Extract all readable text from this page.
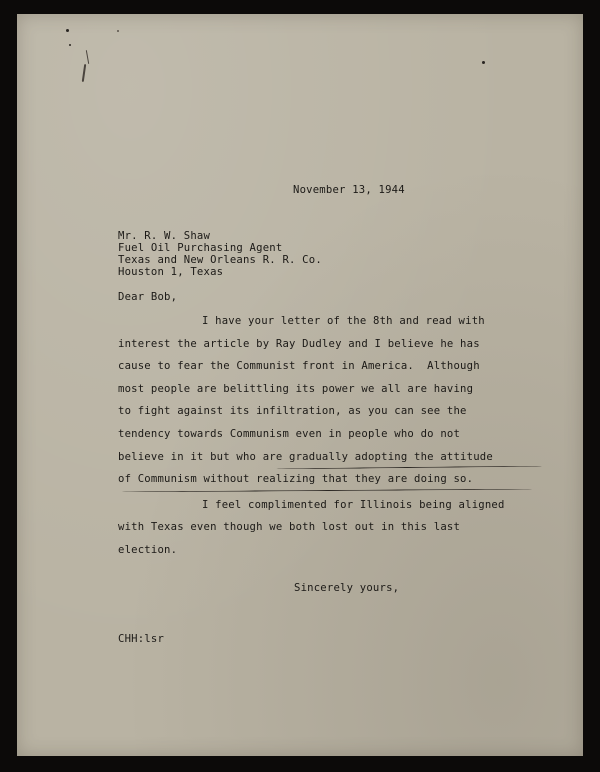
November 13, 1944
Mr. R. W. Shaw
Fuel Oil Purchasing Agent
Texas and New Orleans R. R. Co.
Houston 1, Texas
Dear Bob,
I have your letter of the 8th and read with
interest the article by Ray Dudley and I believe he has
cause to fear the Communist front in America.  Although
most people are belittling its power we all are having
to fight against its infiltration, as you can see the
tendency towards Communism even in people who do not
believe in it but who are gradually adopting the attitude
of Communism without realizing that they are doing so.
I feel complimented for Illinois being aligned
with Texas even though we both lost out in this last
election.
Sincerely yours,
CHH:lsr
